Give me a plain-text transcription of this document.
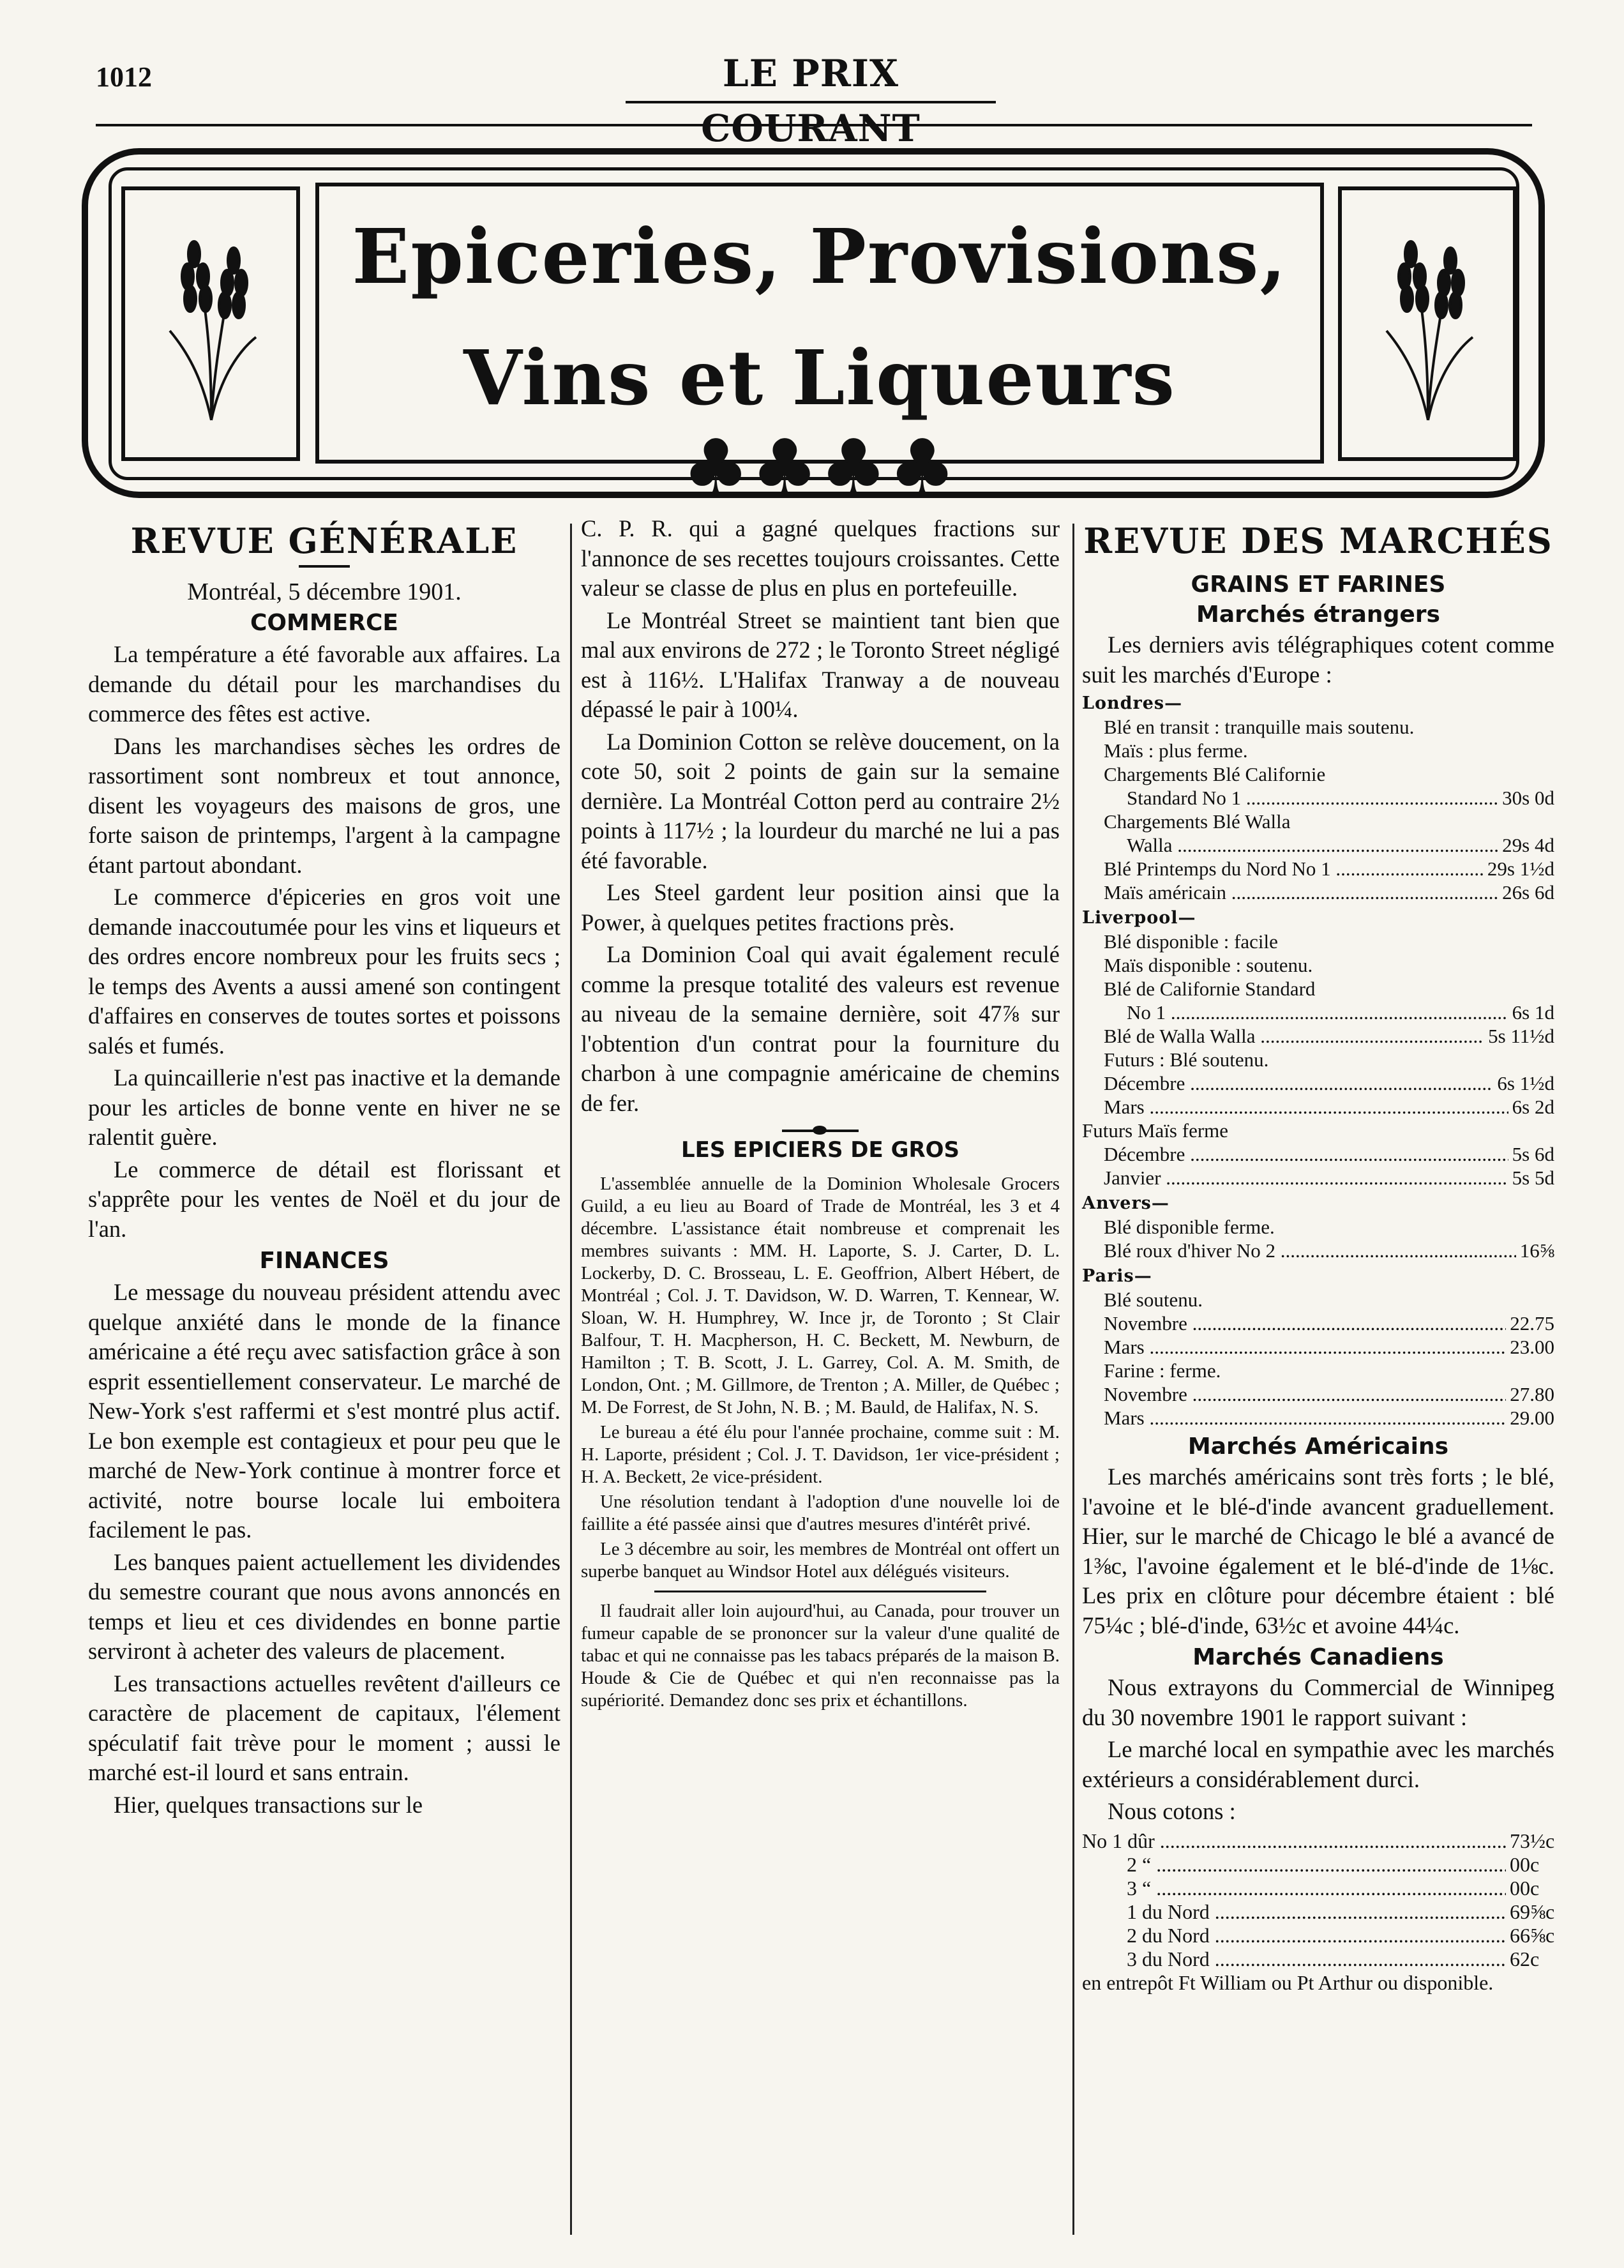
1012	LE PRIX COURANT
Epiceries, Provisions,
Vins et Liqueurs ♣♣♣♣
REVUE GÉNÉRALE
Montréal, 5 décembre 1901.
COMMERCE

La température a été favorable aux affaires. La demande du détail pour les marchandises du commerce des fêtes est active.

Dans les marchandises sèches les ordres de rassortiment sont nombreux et tout annonce, disent les voyageurs des maisons de gros, une forte saison de printemps, l'argent à la campagne étant partout abondant.

Le commerce d'épiceries en gros voit une demande inaccoutumée pour les vins et liqueurs et des ordres encore nombreux pour les fruits secs ; le temps des Avents a aussi amené son contingent d'affaires en conserves de toutes sortes et poissons salés et fumés.

La quincaillerie n'est pas inactive et la demande pour les articles de bonne vente en hiver ne se ralentit guère.

Le commerce de détail est florissant et s'apprête pour les ventes de Noël et du jour de l'an.

FINANCES

Le message du nouveau président attendu avec quelque anxiété dans le monde de la finance américaine a été reçu avec satisfaction grâce à son esprit essentiellement conservateur. Le marché de New-York s'est raffermi et s'est montré plus actif. Le bon exemple est contagieux et pour peu que le marché de New-York continue à montrer force et activité, notre bourse locale lui emboitera facilement le pas.

Les banques paient actuellement les dividendes du semestre courant que nous avons annoncés en temps et lieu et ces dividendes en bonne partie serviront à acheter des valeurs de placement.

Les transactions actuelles revêtent d'ailleurs ce caractère de placement de capitaux, l'élement spéculatif fait trève pour le moment ; aussi le marché est-il lourd et sans entrain.

Hier, quelques transactions sur le

C. P. R. qui a gagné quelques fractions sur l'annonce de ses recettes toujours croissantes. Cette valeur se classe de plus en plus en portefeuille.

Le Montréal Street se maintient tant bien que mal aux environs de 272 ; le Toronto Street négligé est à 116½. L'Halifax Tranway a de nouveau dépassé le pair à 100¼.

La Dominion Cotton se relève doucement, on la cote 50, soit 2 points de gain sur la semaine dernière. La Montréal Cotton perd au contraire 2½ points à 117½ ; la lourdeur du marché ne lui a pas été favorable.

Les Steel gardent leur position ainsi que la Power, à quelques petites fractions près.

La Dominion Coal qui avait également reculé comme la presque totalité des valeurs est revenue au niveau de la semaine dernière, soit 47⅞ sur l'obtention d'un contrat pour la fourniture du charbon à une compagnie américaine de chemins de fer.

LES EPICIERS DE GROS

L'assemblée annuelle de la Dominion Wholesale Grocers Guild, a eu lieu au Board of Trade de Montréal, les 3 et 4 décembre. L'assistance était nombreuse et comprenait les membres suivants : MM. H. Laporte, S. J. Carter, D. L. Lockerby, D. C. Brosseau, L. E. Geoffrion, Albert Hébert, de Montréal ; Col. J. T. Davidson, W. D. Warren, T. Kennear, W. Sloan, W. H. Humphrey, W. Ince jr, de Toronto ; St Clair Balfour, T. H. Macpherson, H. C. Beckett, M. Newburn, de Hamilton ; T. B. Scott, J. L. Garrey, Col. A. M. Smith, de London, Ont. ; M. Gillmore, de Trenton ; A. Miller, de Québec ; M. De Forrest, de St John, N. B. ; M. Bauld, de Halifax, N. S.

Le bureau a été élu pour l'année prochaine, comme suit : M. H. Laporte, président ; Col. J. T. Davidson, 1er vice-président ; H. A. Beckett, 2e vice-président.

Une résolution tendant à l'adoption d'une nouvelle loi de faillite a été passée ainsi que d'autres mesures d'intérêt privé.

Le 3 décembre au soir, les membres de Montréal ont offert un superbe banquet au Windsor Hotel aux délégués visiteurs.

Il faudrait aller loin aujourd'hui, au Canada, pour trouver un fumeur capable de se prononcer sur la valeur d'une qualité de tabac et qui ne connaisse pas les tabacs préparés de la maison B. Houde & Cie de Québec et qui n'en reconnaisse pas la supériorité. Demandez donc ses prix et échantillons.

REVUE DES MARCHÉS
GRAINS ET FARINES
Marchés étrangers

Les derniers avis télégraphiques cotent comme suit les marchés d'Europe :

Londres—
Blé en transit : tranquille mais soutenu.
Maïs : plus ferme.
Chargements Blé Californie
Standard No 1 .....	30s 0d
Chargements Blé Walla
Walla .....	29s 4d
Blé Printemps du Nord No 1 .....	29s 1½d
Maïs américain .....	26s 6d
Liverpool—
Blé disponible : facile
Maïs disponible : soutenu.
Blé de Californie Standard
No 1 .....	6s 1d
Blé de Walla Walla .....	5s 11½d
Futurs : Blé soutenu.
Décembre .....	6s 1½d
Mars .....	6s 2d
Futurs Maïs ferme
Décembre .....	5s 6d
Janvier .....	5s 5d
Anvers—
Blé disponible ferme.
Blé roux d'hiver No 2 .....	16⅝
Paris—
Blé soutenu.
Novembre .....	22.75
Mars .....	23.00
Farine : ferme.
Novembre .....	27.80
Mars .....	29.00
Marchés Américains

Les marchés américains sont très forts ; le blé, l'avoine et le blé-d'inde avancent graduellement. Hier, sur le marché de Chicago le blé a avancé de 1⅜c, l'avoine également et le blé-d'inde de 1⅛c. Les prix en clôture pour décembre étaient : blé 75¼c ; blé-d'inde, 63½c et avoine 44¼c.

Marchés Canadiens

Nous extrayons du Commercial de Winnipeg du 30 novembre 1901 le rapport suivant :

Le marché local en sympathie avec les marchés extérieurs a considérablement durci.

Nous cotons :

No 1 dûr .....	73½c
2 “ .....	00c
3 “ .....	00c
1 du Nord .....	69⅝c
2 du Nord .....	66⅝c
3 du Nord .....	62c
en entrepôt Ft William ou Pt Arthur ou disponible.
